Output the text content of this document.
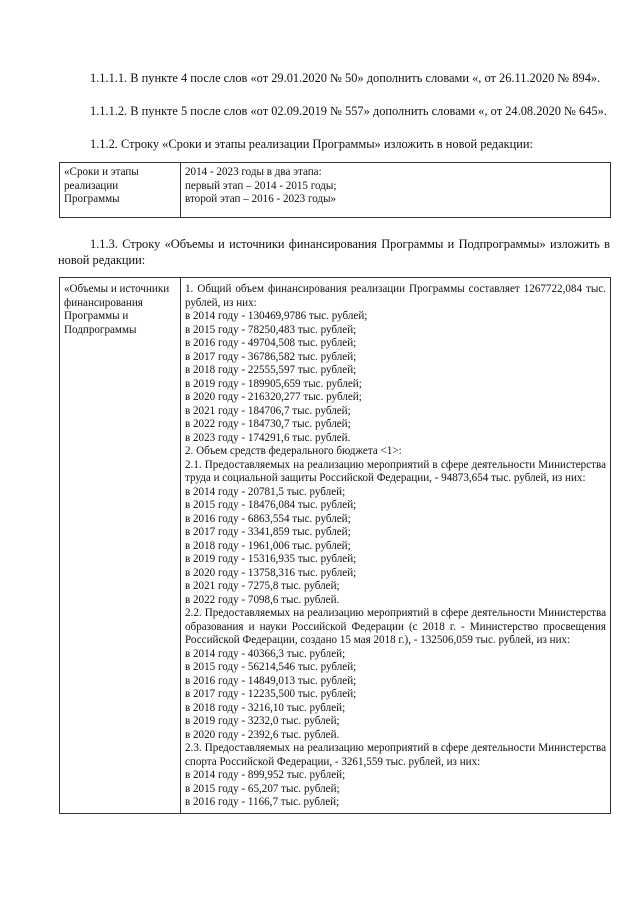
1.1.1.1. В пункте 4 после слов «от 29.01.2020 № 50» дополнить словами «, от 26.11.2020 № 894».

1.1.1.2. В пункте 5 после слов «от 02.09.2019 № 557» дополнить словами «, от 24.08.2020 № 645».

1.1.2. Строку «Сроки и этапы реализации Программы» изложить в новой редакции:

«Сроки и этапы
реализации
Программы

2014 - 2023 годы в два этапа:
первый этап – 2014 - 2015 годы;
второй этап – 2016 - 2023 годы»

1.1.3. Строку «Объемы и источники финансирования Программы и Подпрограммы» изложить в новой редакции:

«Объемы и источники
финансирования
Программы и
Подпрограммы

1. Общий объем финансирования реализации Программы составляет 1267722,084 тыс. рублей, из них:
в 2014 году - 130469,9786 тыс. рублей;
в 2015 году - 78250,483 тыс. рублей;
в 2016 году - 49704,508 тыс. рублей;
в 2017 году - 36786,582 тыс. рублей;
в 2018 году - 22555,597 тыс. рублей;
в 2019 году - 189905,659 тыс. рублей;
в 2020 году - 216320,277 тыс. рублей;
в 2021 году - 184706,7 тыс. рублей;
в 2022 году - 184730,7 тыс. рублей;
в 2023 году - 174291,6 тыс. рублей.
2. Объем средств федерального бюджета <1>:
2.1. Предоставляемых на реализацию мероприятий в сфере деятельности Министерства труда и социальной защиты Российской Федерации, - 94873,654 тыс. рублей, из них:
в 2014 году - 20781,5 тыс. рублей;
в 2015 году - 18476,084 тыс. рублей;
в 2016 году - 6863,554 тыс. рублей;
в 2017 году - 3341,859 тыс. рублей;
в 2018 году - 1961,006 тыс. рублей;
в 2019 году - 15316,935 тыс. рублей;
в 2020 году - 13758,316 тыс. рублей;
в 2021 году - 7275,8 тыс. рублей;
в 2022 году - 7098,6 тыс. рублей.
2.2. Предоставляемых на реализацию мероприятий в сфере деятельности Министерства образования и науки Российской Федерации (с 2018 г. - Министерство просвещения Российской Федерации, создано 15 мая 2018 г.), - 132506,059 тыс. рублей, из них:
в 2014 году - 40366,3 тыс. рублей;
в 2015 году - 56214,546 тыс. рублей;
в 2016 году - 14849,013 тыс. рублей;
в 2017 году - 12235,500 тыс. рублей;
в 2018 году - 3216,10 тыс. рублей;
в 2019 году - 3232,0 тыс. рублей;
в 2020 году - 2392,6 тыс. рублей.
2.3. Предоставляемых на реализацию мероприятий в сфере деятельности Министерства спорта Российской Федерации, - 3261,559 тыс. рублей, из них:
в 2014 году - 899,952 тыс. рублей;
в 2015 году - 65,207 тыс. рублей;
в 2016 году - 1166,7 тыс. рублей;
